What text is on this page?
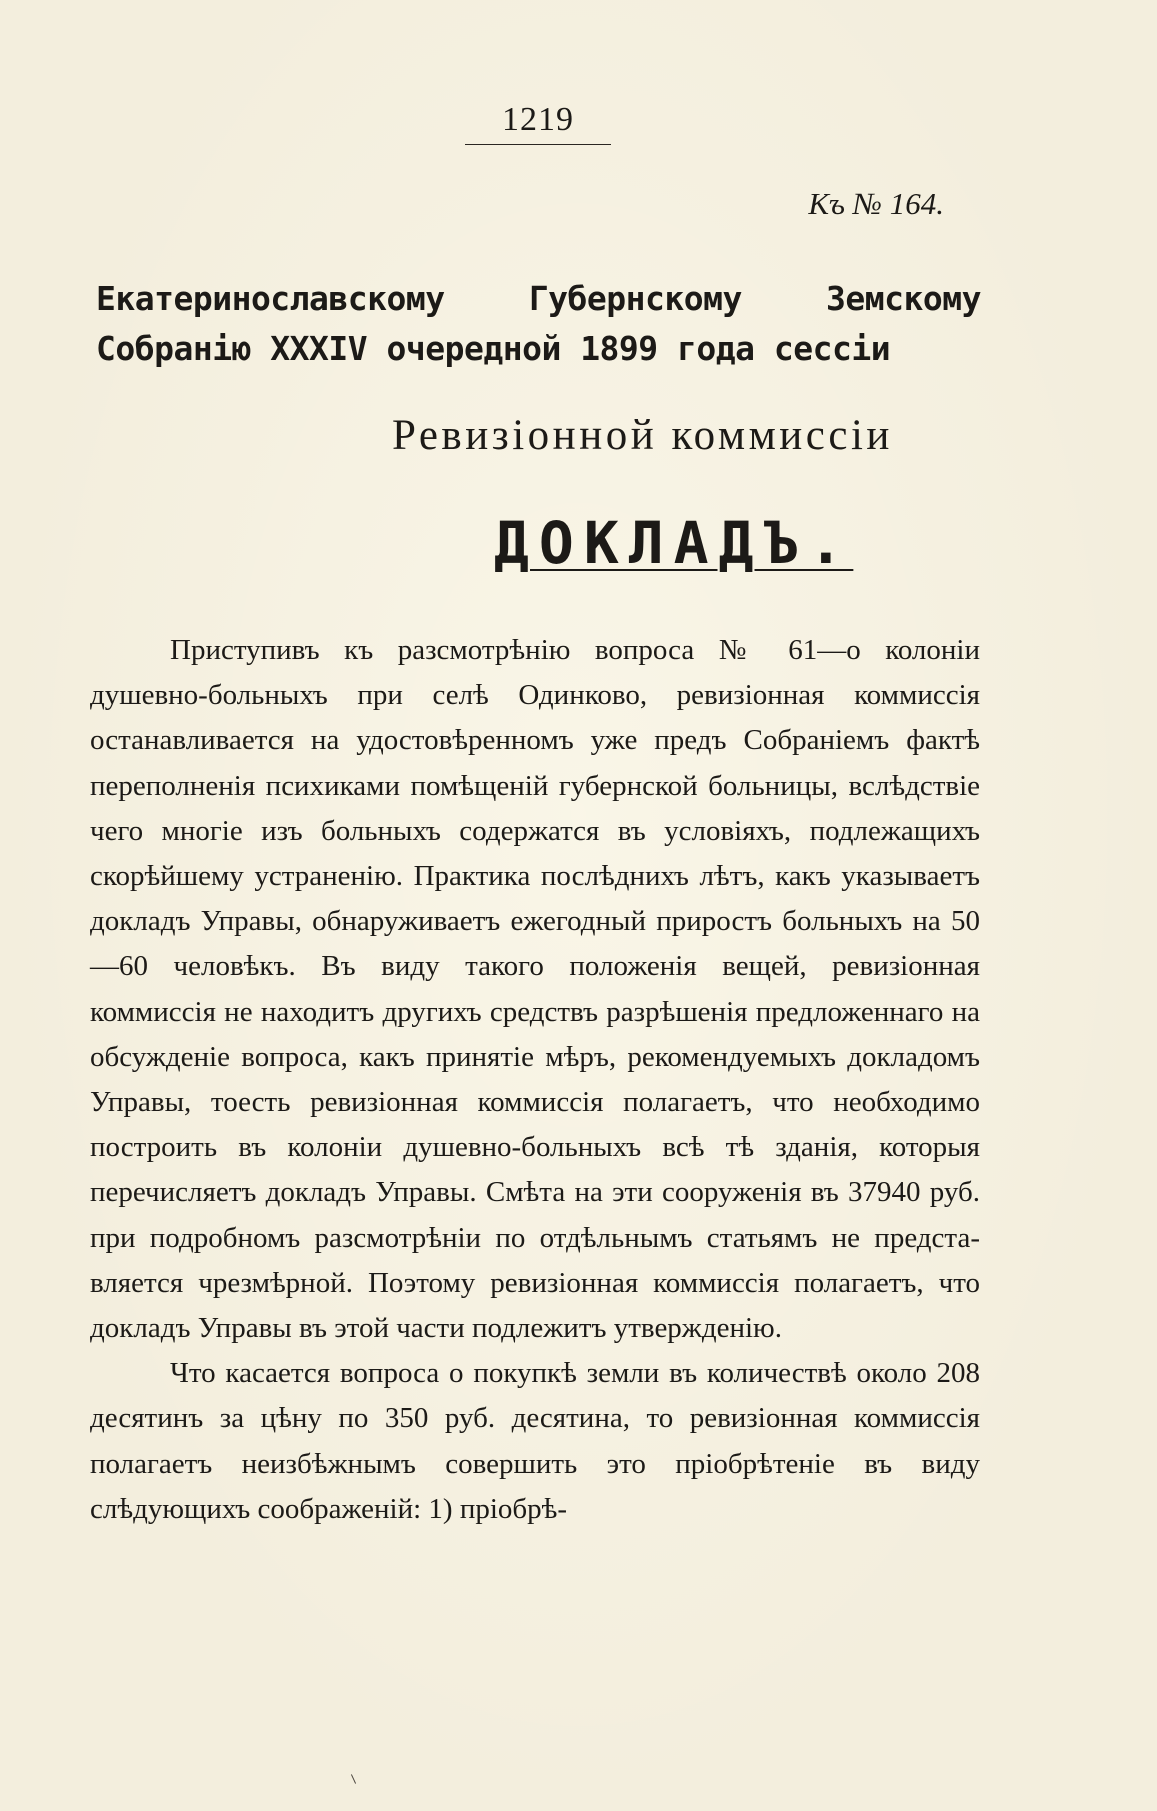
1219
Къ № 164.
Екатеринославскому Губернскому Земскому
Собранію XXXIV очередной 1899 года сессіи
Ревизіонной коммиссіи
ДОКЛАДЪ.

Приступивъ къ разсмотрѣнію вопроса № 61—о колоніи душевно-больныхъ при селѣ Одинково, ревизіонная коммиссія останавливается на удостовѣренномъ уже предъ Собраніемъ фактѣ переполненія психиками помѣщеній губернской больницы, вслѣдствіе чего многіе изъ больныхъ содержатся въ условіяхъ, подлежащихъ скорѣйшему устраненію. Практика послѣднихъ лѣтъ, какъ указываетъ докладъ Управы, обнаруживаетъ ежегодный приростъ больныхъ на 50—60 человѣкъ. Въ виду такого положенія вещей, ревизіонная коммиссія не находитъ другихъ средствъ разрѣшенія предложеннаго на обсужденіе вопроса, какъ принятіе мѣръ, рекомендуемыхъ докладомъ Управы, тоесть ревизіонная коммиссія полагаетъ, что необходимо построить въ колоніи душевно-больныхъ всѣ тѣ зданія, которыя перечисляетъ докладъ Управы. Смѣта на эти сооруженія въ 37940 руб. при подробномъ разсмотрѣніи по отдѣльнымъ статьямъ не представляется чрезмѣрной. Поэтому ревизіонная коммиссія полагаетъ, что докладъ Управы въ этой части подлежитъ утвержденію.

Что касается вопроса о покупкѣ земли въ количествѣ около 208 десятинъ за цѣну по 350 руб. десятина, то ревизіонная коммиссія полагаетъ неизбѣжнымъ совершить это пріобрѣтеніе въ виду слѣдующихъ соображеній: 1) пріобрѣ-
